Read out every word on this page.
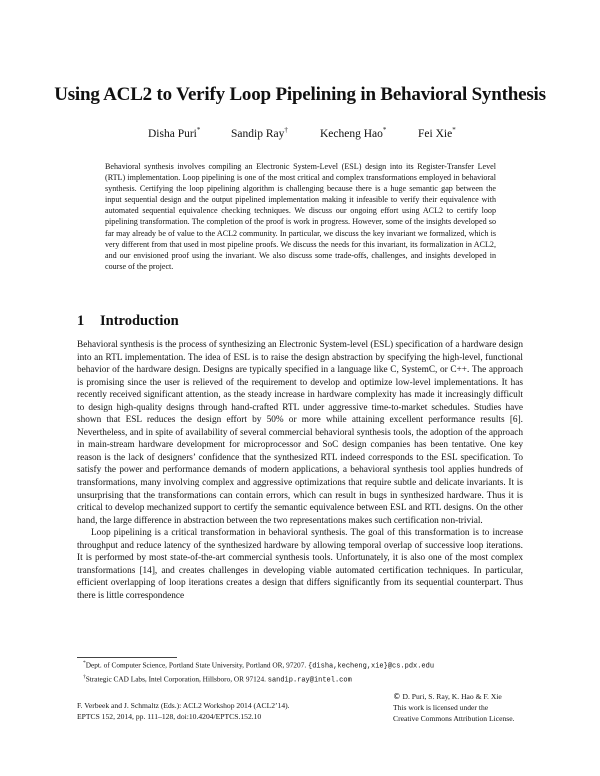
Using ACL2 to Verify Loop Pipelining in Behavioral Synthesis
Disha Puri*	Sandip Ray†	Kecheng Hao*	Fei Xie*

Behavioral synthesis involves compiling an Electronic System-Level (ESL) design into its Register-Transfer Level (RTL) implementation. Loop pipelining is one of the most critical and complex transformations employed in behavioral synthesis. Certifying the loop pipelining algorithm is challenging because there is a huge semantic gap between the input sequential design and the output pipelined implementation making it infeasible to verify their equivalence with automated sequential equivalence checking techniques. We discuss our ongoing effort using ACL2 to certify loop pipelining transformation. The completion of the proof is work in progress. However, some of the insights developed so far may already be of value to the ACL2 community. In particular, we discuss the key invariant we formalized, which is very different from that used in most pipeline proofs. We discuss the needs for this invariant, its formalization in ACL2, and our envisioned proof using the invariant. We also discuss some trade-offs, challenges, and insights developed in course of the project.

1 Introduction

Behavioral synthesis is the process of synthesizing an Electronic System-level (ESL) specification of a hardware design into an RTL implementation. The idea of ESL is to raise the design abstraction by specifying the high-level, functional behavior of the hardware design. Designs are typically specified in a language like C, SystemC, or C++. The approach is promising since the user is relieved of the requirement to develop and optimize low-level implementations. It has recently received significant attention, as the steady increase in hardware complexity has made it increasingly difficult to design high-quality designs through hand-crafted RTL under aggressive time-to-market schedules. Studies have shown that ESL reduces the design effort by 50% or more while attaining excellent performance results [6]. Nevertheless, and in spite of availability of several commercial behavioral synthesis tools, the adoption of the approach in main-stream hardware development for microprocessor and SoC design companies has been tentative. One key reason is the lack of designers’ confidence that the synthesized RTL indeed corresponds to the ESL specification. To satisfy the power and performance demands of modern applications, a behavioral synthesis tool applies hundreds of transformations, many involving complex and aggressive optimizations that require subtle and delicate invariants. It is unsurprising that the transformations can contain errors, which can result in bugs in synthesized hardware. Thus it is critical to develop mechanized support to certify the semantic equivalence between ESL and RTL designs. On the other hand, the large difference in abstraction between the two representations makes such certification non-trivial.

Loop pipelining is a critical transformation in behavioral synthesis. The goal of this transformation is to increase throughput and reduce latency of the synthesized hardware by allowing temporal overlap of successive loop iterations. It is performed by most state-of-the-art commercial synthesis tools. Unfortunately, it is also one of the most complex transformations [14], and creates challenges in developing viable automated certification techniques. In particular, efficient overlapping of loop iterations creates a design that differs significantly from its sequential counterpart. Thus there is little correspondence

*Dept. of Computer Science, Portland State University, Portland OR, 97207. {disha,kecheng,xie}@cs.pdx.edu
†Strategic CAD Labs, Intel Corporation, Hillsboro, OR 97124. sandip.ray@intel.com
F. Verbeek and J. Schmaltz (Eds.): ACL2 Workshop 2014 (ACL2’14).
EPTCS 152, 2014, pp. 111–128, doi:10.4204/EPTCS.152.10
© D. Puri, S. Ray, K. Hao & F. Xie
This work is licensed under the
Creative Commons Attribution License.
